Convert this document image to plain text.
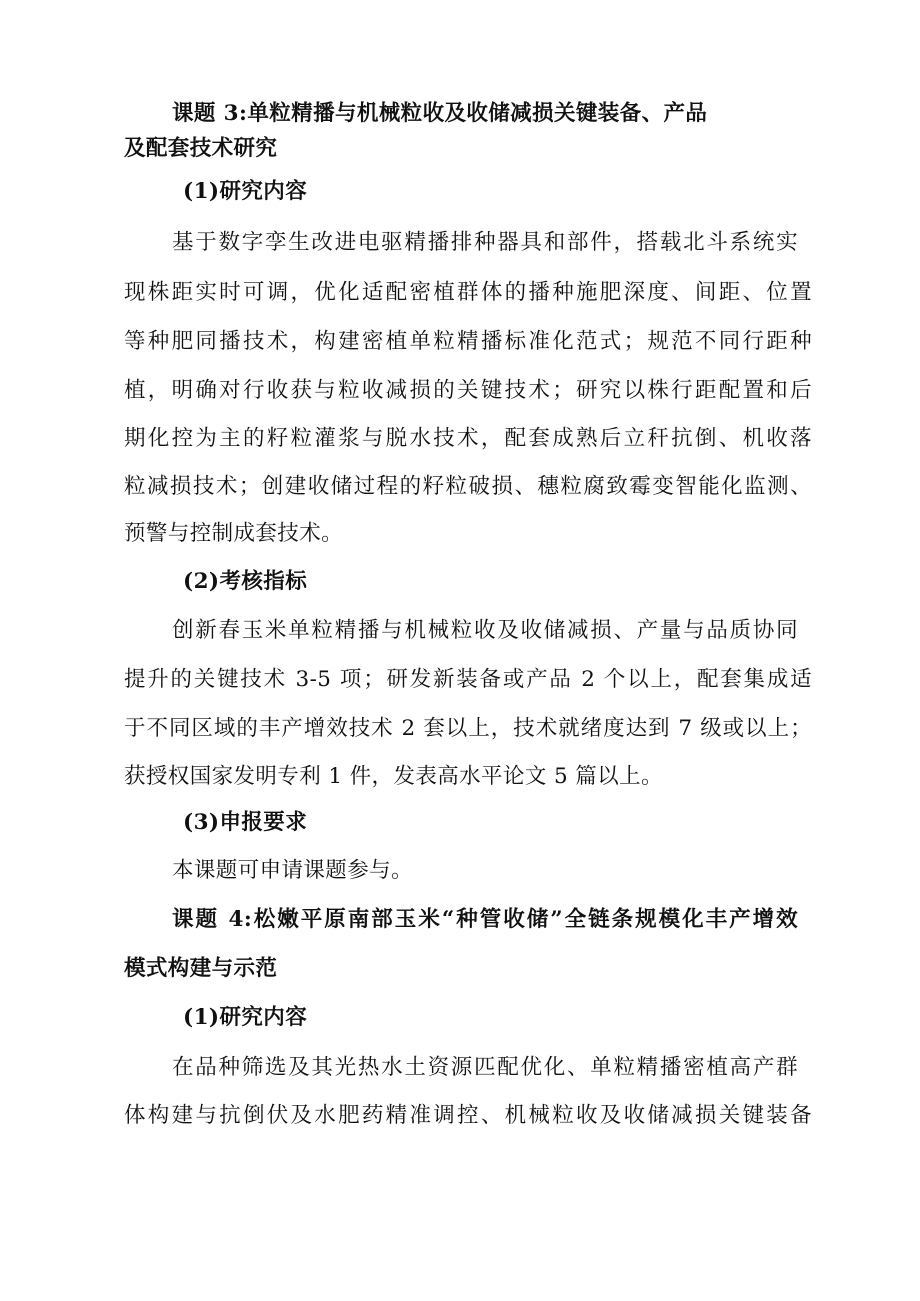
课题 3:单粒精播与机械粒收及收储减损关键装备、产品
及配套技术研究
(1)研究内容
基于数字孪生改进电驱精播排种器具和部件，搭载北斗系统实
现株距实时可调，优化适配密植群体的播种施肥深度、间距、位置
等种肥同播技术，构建密植单粒精播标准化范式；规范不同行距种
植，明确对行收获与粒收减损的关键技术；研究以株行距配置和后
期化控为主的籽粒灌浆与脱水技术，配套成熟后立秆抗倒、机收落
粒减损技术；创建收储过程的籽粒破损、穗粒腐致霉变智能化监测、
预警与控制成套技术。
(2)考核指标
创新春玉米单粒精播与机械粒收及收储减损、产量与品质协同
提升的关键技术 3-5 项；研发新装备或产品 2 个以上，配套集成适
于不同区域的丰产增效技术 2 套以上，技术就绪度达到 7 级或以上；
获授权国家发明专利 1 件，发表高水平论文 5 篇以上。
(3)申报要求
本课题可申请课题参与。
课题 4:松嫩平原南部玉米“种管收储”全链条规模化丰产增效
模式构建与示范
(1)研究内容
在品种筛选及其光热水土资源匹配优化、单粒精播密植高产群
体构建与抗倒伏及水肥药精准调控、机械粒收及收储减损关键装备
